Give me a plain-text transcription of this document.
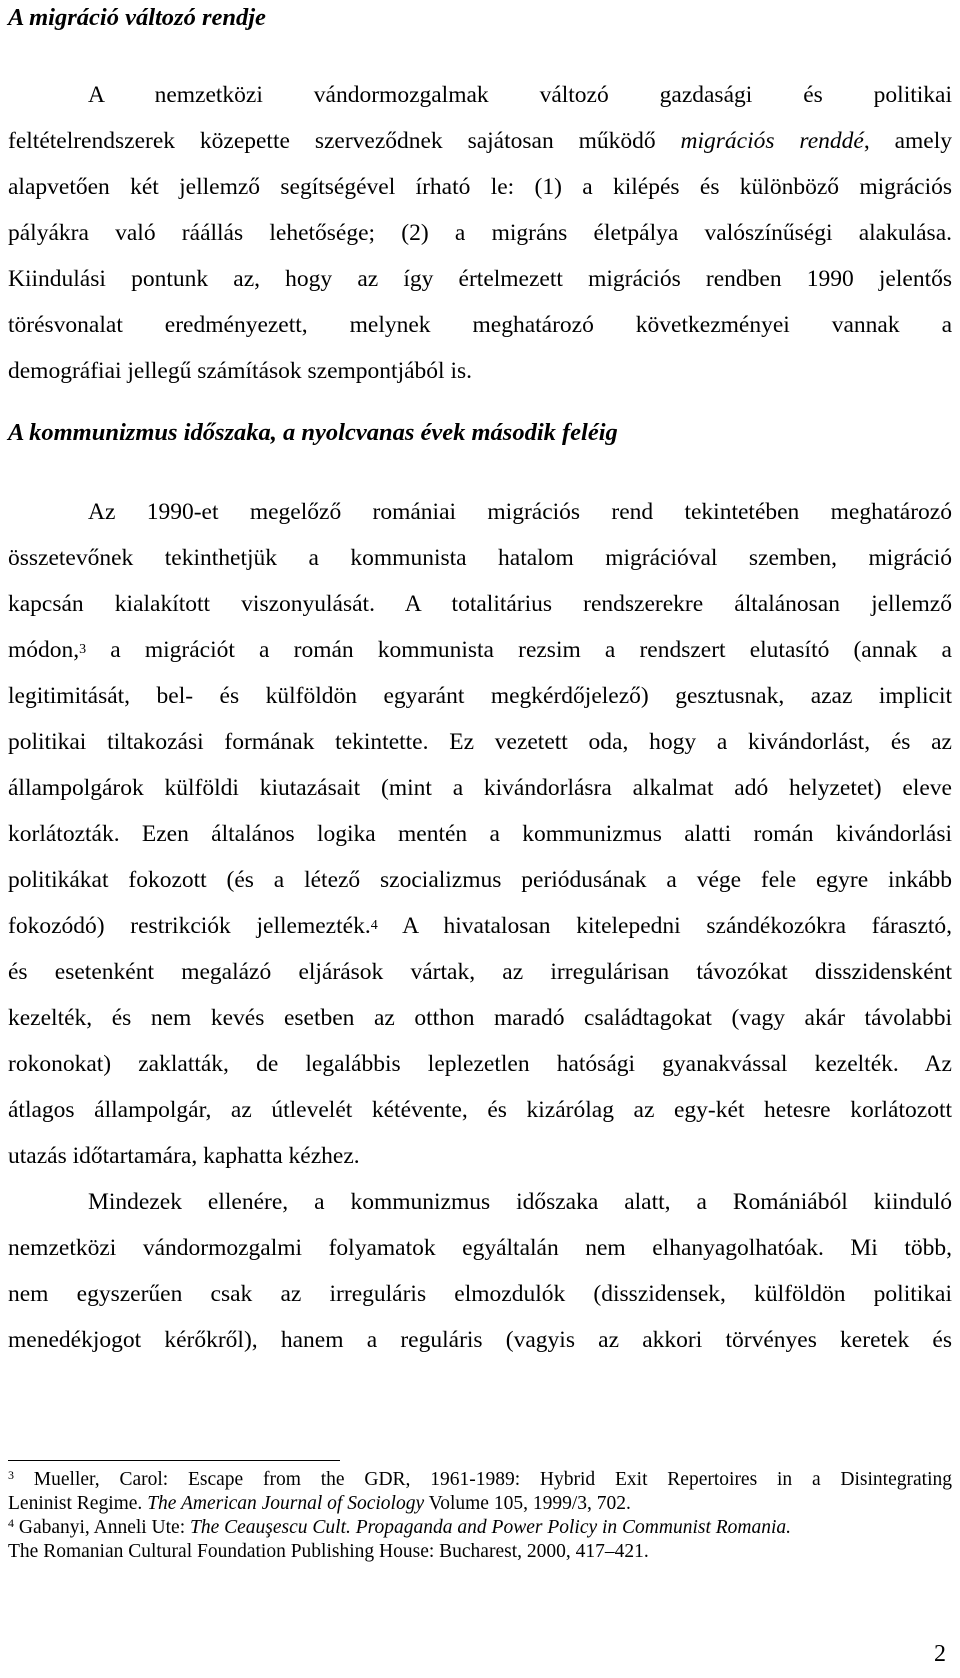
A migráció változó rendje
A nemzetközi vándormozgalmak változó gazdasági és politikai
feltételrendszerek közepette szerveződnek sajátosan működő migrációs renddé, amely
alapvetően két jellemző segítségével írható le: (1) a kilépés és különböző migrációs
pályákra való ráállás lehetősége; (2) a migráns életpálya valószínűségi alakulása.
Kiindulási pontunk az, hogy az így értelmezett migrációs rendben 1990 jelentős
törésvonalat eredményezett, melynek meghatározó következményei vannak a
demográfiai jellegű számítások szempontjából is.
A kommunizmus időszaka, a nyolcvanas évek második feléig
Az 1990-et megelőző romániai migrációs rend tekintetében meghatározó
összetevőnek tekinthetjük a kommunista hatalom migrációval szemben, migráció
kapcsán kialakított viszonyulását. A totalitárius rendszerekre általánosan jellemző
módon,$^3$ a migrációt a román kommunista rezsim a rendszert elutasító (annak a
legitimitását, bel- és külföldön egyaránt megkérdőjelező) gesztusnak, azaz implicit
politikai tiltakozási formának tekintette. Ez vezetett oda, hogy a kivándorlást, és az
állampolgárok külföldi kiutazásait (mint a kivándorlásra alkalmat adó helyzetet) eleve
korlátozták. Ezen általános logika mentén a kommunizmus alatti román kivándorlási
politikákat fokozott (és a létező szocializmus periódusának a vége fele egyre inkább
fokozódó) restrikciók jellemezték.$^4$ A hivatalosan kitelepedni szándékozókra fárasztó,
és esetenként megalázó eljárások vártak, az irregulárisan távozókat disszidensként
kezelték, és nem kevés esetben az otthon maradó családtagokat (vagy akár távolabbi
rokonokat) zaklatták, de legalábbis leplezetlen hatósági gyanakvással kezelték. Az
átlagos állampolgár, az útlevelét kétévente, és kizárólag az egy-két hetesre korlátozott
utazás időtartamára, kaphatta kézhez.
Mindezek ellenére, a kommunizmus időszaka alatt, a Romániából kiinduló
nemzetközi vándormozgalmi folyamatok egyáltalán nem elhanyagolhatóak. Mi több,
nem egyszerűen csak az irreguláris elmozdulók (disszidensek, külföldön politikai
menedékjogot kérőkről), hanem a reguláris (vagyis az akkori törvényes keretek és
$^3$ Mueller, Carol: Escape from the GDR, 1961-1989: Hybrid Exit Repertoires in a Disintegrating
Leninist Regime. The American Journal of Sociology Volume 105, 1999/3, 702.
$^4$ Gabanyi, Anneli Ute: The Ceauşescu Cult. Propaganda and Power Policy in Communist Romania.
The Romanian Cultural Foundation Publishing House: Bucharest, 2000, 417–421.
2
